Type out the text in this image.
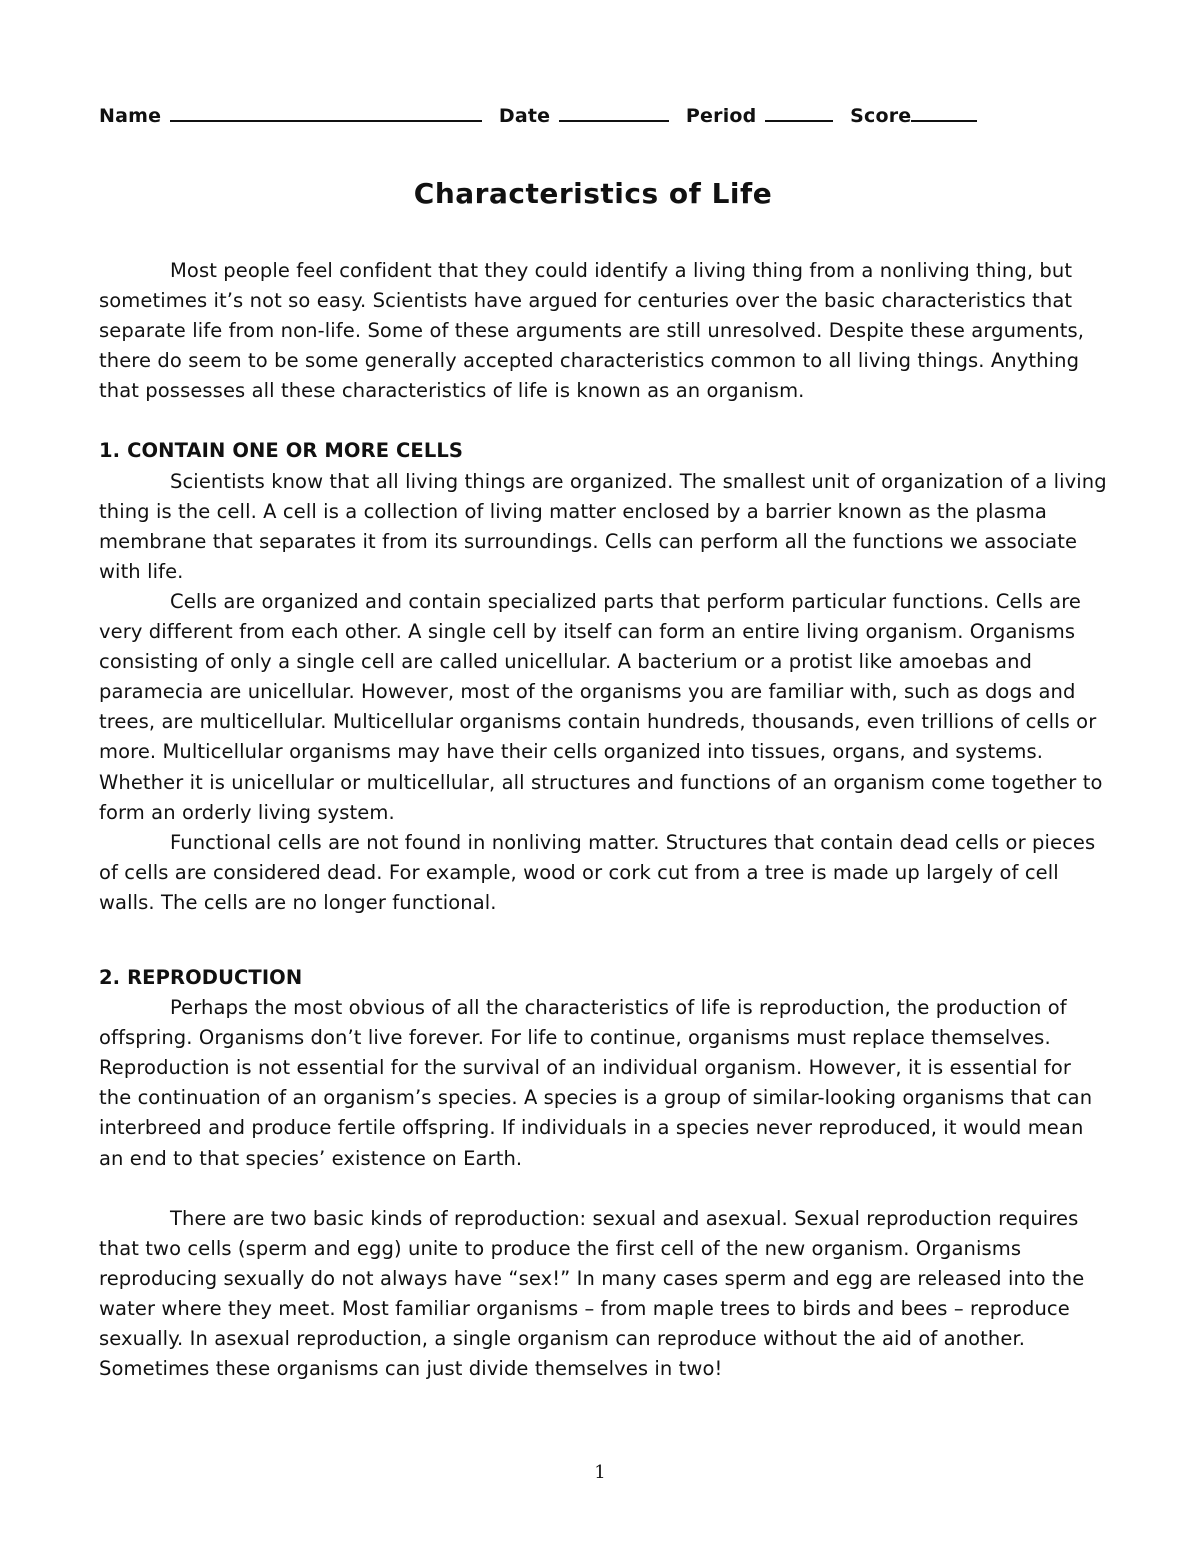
Name	Date	Period	Score
Characteristics of Life

Most people feel confident that they could identify a living thing from a nonliving thing, but sometimes it’s not so easy. Scientists have argued for centuries over the basic characteristics that separate life from non-life. Some of these arguments are still unresolved. Despite these arguments, there do seem to be some generally accepted characteristics common to all living things. Anything that possesses all these characteristics of life is known as an organism.

1. CONTAIN ONE OR MORE CELLS

Scientists know that all living things are organized. The smallest unit of organization of a living thing is the cell. A cell is a collection of living matter enclosed by a barrier known as the plasma membrane that separates it from its surroundings. Cells can perform all the functions we associate with life.

Cells are organized and contain specialized parts that perform particular functions. Cells are very different from each other. A single cell by itself can form an entire living organism. Organisms consisting of only a single cell are called unicellular. A bacterium or a protist like amoebas and paramecia are unicellular. However, most of the organisms you are familiar with, such as dogs and trees, are multicellular. Multicellular organisms contain hundreds, thousands, even trillions of cells or more. Multicellular organisms may have their cells organized into tissues, organs, and systems. Whether it is unicellular or multicellular, all structures and functions of an organism come together to form an orderly living system.

Functional cells are not found in nonliving matter. Structures that contain dead cells or pieces of cells are considered dead. For example, wood or cork cut from a tree is made up largely of cell walls. The cells are no longer functional.

2. REPRODUCTION

Perhaps the most obvious of all the characteristics of life is reproduction, the production of offspring. Organisms don’t live forever. For life to continue, organisms must replace themselves. Reproduction is not essential for the survival of an individual organism. However, it is essential for the continuation of an organism’s species. A species is a group of similar-looking organisms that can interbreed and produce fertile offspring. If individuals in a species never reproduced, it would mean an end to that species’ existence on Earth.

There are two basic kinds of reproduction: sexual and asexual. Sexual reproduction requires that two cells (sperm and egg) unite to produce the first cell of the new organism. Organisms reproducing sexually do not always have “sex!” In many cases sperm and egg are released into the water where they meet. Most familiar organisms – from maple trees to birds and bees – reproduce sexually. In asexual reproduction, a single organism can reproduce without the aid of another. Sometimes these organisms can just divide themselves in two!

1
